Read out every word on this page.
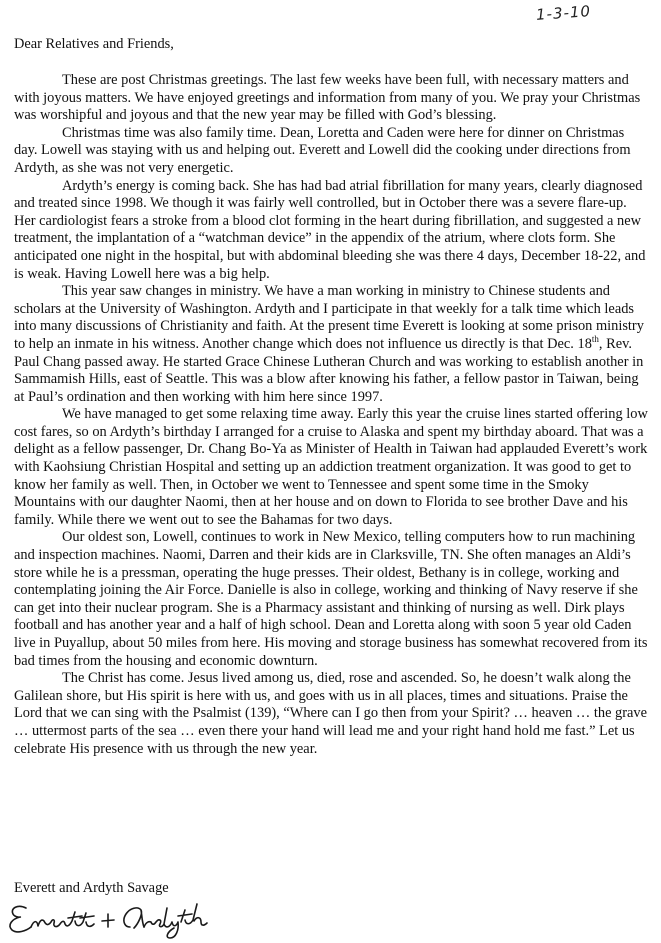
1-3-10
Dear Relatives and Friends,

These are post Christmas greetings. The last few weeks have been full, with necessary matters and with joyous matters. We have enjoyed greetings and information from many of you. We pray your Christmas was worshipful and joyous and that the new year may be filled with God’s blessing.

Christmas time was also family time. Dean, Loretta and Caden were here for dinner on Christmas day. Lowell was staying with us and helping out. Everett and Lowell did the cooking under directions from Ardyth, as she was not very energetic.

Ardyth’s energy is coming back. She has had bad atrial fibrillation for many years, clearly diagnosed and treated since 1998. We though it was fairly well controlled, but in October there was a severe flare-up. Her cardiologist fears a stroke from a blood clot forming in the heart during fibrillation, and suggested a new treatment, the implantation of a “watchman device” in the appendix of the atrium, where clots form. She anticipated one night in the hospital, but with abdominal bleeding she was there 4 days, December 18-22, and is weak. Having Lowell here was a big help.

This year saw changes in ministry. We have a man working in ministry to Chinese students and scholars at the University of Washington. Ardyth and I participate in that weekly for a talk time which leads into many discussions of Christianity and faith. At the present time Everett is looking at some prison ministry to help an inmate in his witness. Another change which does not influence us directly is that Dec. 18th, Rev. Paul Chang passed away. He started Grace Chinese Lutheran Church and was working to establish another in Sammamish Hills, east of Seattle. This was a blow after knowing his father, a fellow pastor in Taiwan, being at Paul’s ordination and then working with him here since 1997.

We have managed to get some relaxing time away. Early this year the cruise lines started offering low cost fares, so on Ardyth’s birthday I arranged for a cruise to Alaska and spent my birthday aboard. That was a delight as a fellow passenger, Dr. Chang Bo-Ya as Minister of Health in Taiwan had applauded Everett’s work with Kaohsiung Christian Hospital and setting up an addiction treatment organization. It was good to get to know her family as well. Then, in October we went to Tennessee and spent some time in the Smoky Mountains with our daughter Naomi, then at her house and on down to Florida to see brother Dave and his family. While there we went out to see the Bahamas for two days.

Our oldest son, Lowell, continues to work in New Mexico, telling computers how to run machining and inspection machines. Naomi, Darren and their kids are in Clarksville, TN. She often manages an Aldi’s store while he is a pressman, operating the huge presses. Their oldest, Bethany is in college, working and contemplating joining the Air Force. Danielle is also in college, working and thinking of Navy reserve if she can get into their nuclear program. She is a Pharmacy assistant and thinking of nursing as well. Dirk plays football and has another year and a half of high school. Dean and Loretta along with soon 5 year old Caden live in Puyallup, about 50 miles from here. His moving and storage business has somewhat recovered from its bad times from the housing and economic downturn.

The Christ has come. Jesus lived among us, died, rose and ascended. So, he doesn’t walk along the Galilean shore, but His spirit is here with us, and goes with us in all places, times and situations. Praise the Lord that we can sing with the Psalmist (139), “Where can I go then from your Spirit? … heaven … the grave … uttermost parts of the sea … even there your hand will lead me and your right hand hold me fast.” Let us celebrate His presence with us through the new year.

Everett and Ardyth Savage
